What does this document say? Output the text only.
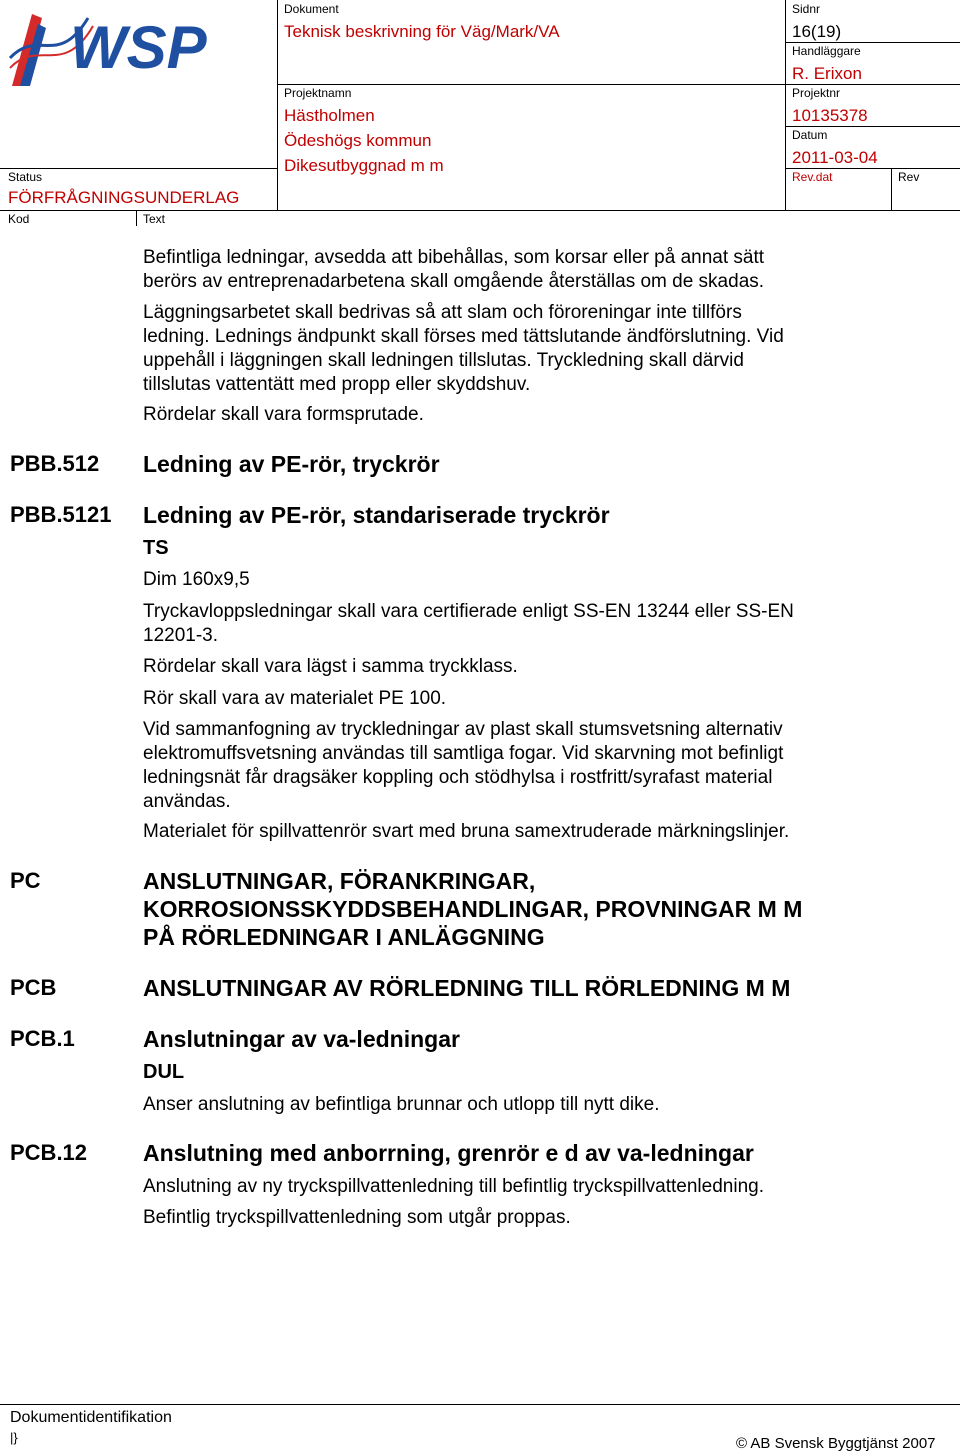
WSP
Dokument
Teknisk beskrivning för Väg/Mark/VA
Sidnr
16(19)
Handläggare
R. Erixon
Projektnamn
Hästholmen
Ödeshögs kommun
Dikesutbyggnad m m
Projektnr
10135378
Datum
2011-03-04
Status
FÖRFRÅGNINGSUNDERLAG
Rev.dat	Rev
Kod	Text
Befintliga ledningar, avsedda att bibehållas, som korsar eller på annat sätt
berörs av entreprenadarbetena skall omgående återställas om de skadas.
Läggningsarbetet skall bedrivas så att slam och föroreningar inte tillförs
ledning. Lednings ändpunkt skall förses med tättslutande ändförslutning. Vid
uppehåll i läggningen skall ledningen tillslutas. Tryckledning skall därvid
tillslutas vattentätt med propp eller skyddshuv.
Rördelar skall vara formsprutade.
PBB.512 Ledning av PE-rör, tryckrör
PBB.5121 Ledning av PE-rör, standariserade tryckrör
TS
Dim 160x9,5
Tryckavloppsledningar skall vara certifierade enligt SS-EN 13244 eller SS-EN
12201-3.
Rördelar skall vara lägst i samma tryckklass.
Rör skall vara av materialet PE 100.
Vid sammanfogning av tryckledningar av plast skall stumsvetsning alternativ
elektromuffsvetsning användas till samtliga fogar. Vid skarvning mot befinligt
ledningsnät får dragsäker koppling och stödhylsa i rostfritt/syrafast material
användas.
Materialet för spillvattenrör svart med bruna samextruderade märkningslinjer.
PC	ANSLUTNINGAR, FÖRANKRINGAR,
KORROSIONSSKYDDSBEHANDLINGAR, PROVNINGAR M M
PÅ RÖRLEDNINGAR I ANLÄGGNING
PCB	ANSLUTNINGAR AV RÖRLEDNING TILL RÖRLEDNING M M
PCB.1	Anslutningar av va-ledningar
DUL
Anser anslutning av befintliga brunnar och utlopp till nytt dike.
PCB.12 Anslutning med anborrning, grenrör e d av va-ledningar
Anslutning av ny tryckspillvattenledning till befintlig tryckspillvattenledning.
Befintlig tryckspillvattenledning som utgår proppas.
Dokumentidentifikation
|}	© AB Svensk Byggtjänst 2007
